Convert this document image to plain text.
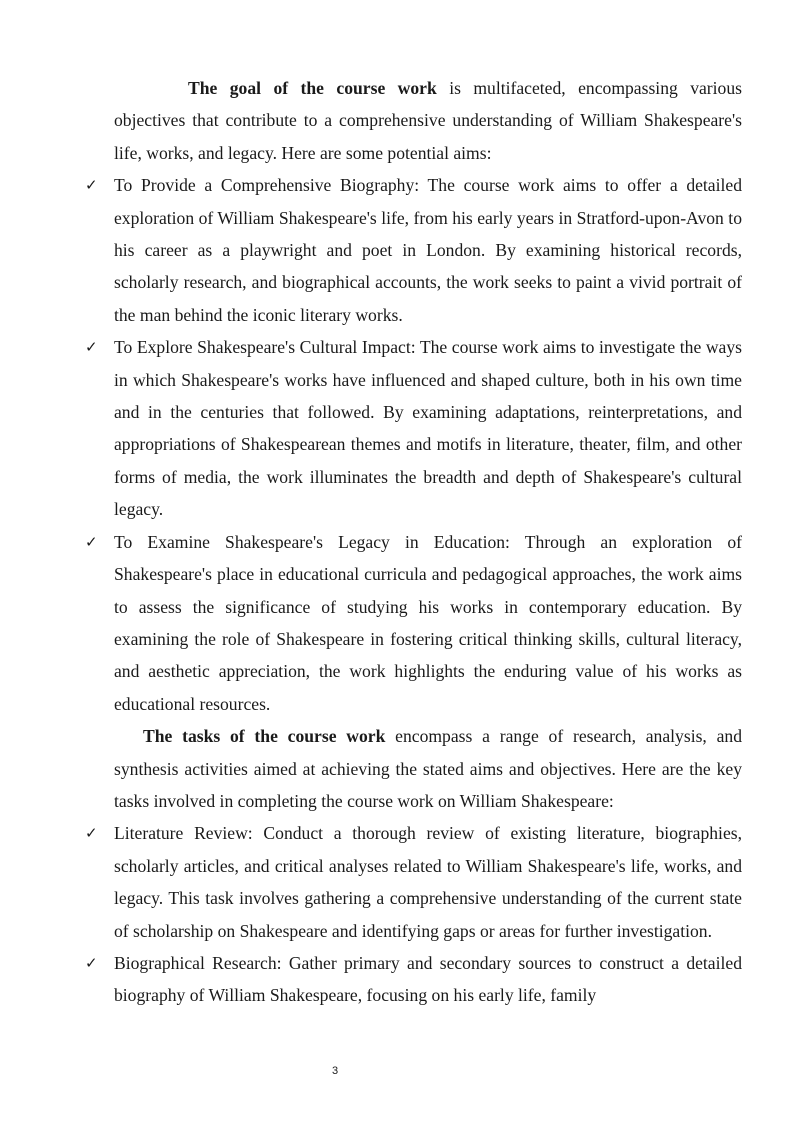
The goal of the course work is multifaceted, encompassing various objectives that contribute to a comprehensive understanding of William Shakespeare's life, works, and legacy. Here are some potential aims:

✓ To Provide a Comprehensive Biography: The course work aims to offer a detailed exploration of William Shakespeare's life, from his early years in Stratford-upon-Avon to his career as a playwright and poet in London. By examining historical records, scholarly research, and biographical accounts, the work seeks to paint a vivid portrait of the man behind the iconic literary works.

✓ To Explore Shakespeare's Cultural Impact: The course work aims to investigate the ways in which Shakespeare's works have influenced and shaped culture, both in his own time and in the centuries that followed. By examining adaptations, reinterpretations, and appropriations of Shakespearean themes and motifs in literature, theater, film, and other forms of media, the work illuminates the breadth and depth of Shakespeare's cultural legacy.

✓ To Examine Shakespeare's Legacy in Education: Through an exploration of Shakespeare's place in educational curricula and pedagogical approaches, the work aims to assess the significance of studying his works in contemporary education. By examining the role of Shakespeare in fostering critical thinking skills, cultural literacy, and aesthetic appreciation, the work highlights the enduring value of his works as educational resources.

The tasks of the course work encompass a range of research, analysis, and synthesis activities aimed at achieving the stated aims and objectives. Here are the key tasks involved in completing the course work on William Shakespeare:

✓ Literature Review: Conduct a thorough review of existing literature, biographies, scholarly articles, and critical analyses related to William Shakespeare's life, works, and legacy. This task involves gathering a comprehensive understanding of the current state of scholarship on Shakespeare and identifying gaps or areas for further investigation.

✓ Biographical Research: Gather primary and secondary sources to construct a detailed biography of William Shakespeare, focusing on his early life, family

3
